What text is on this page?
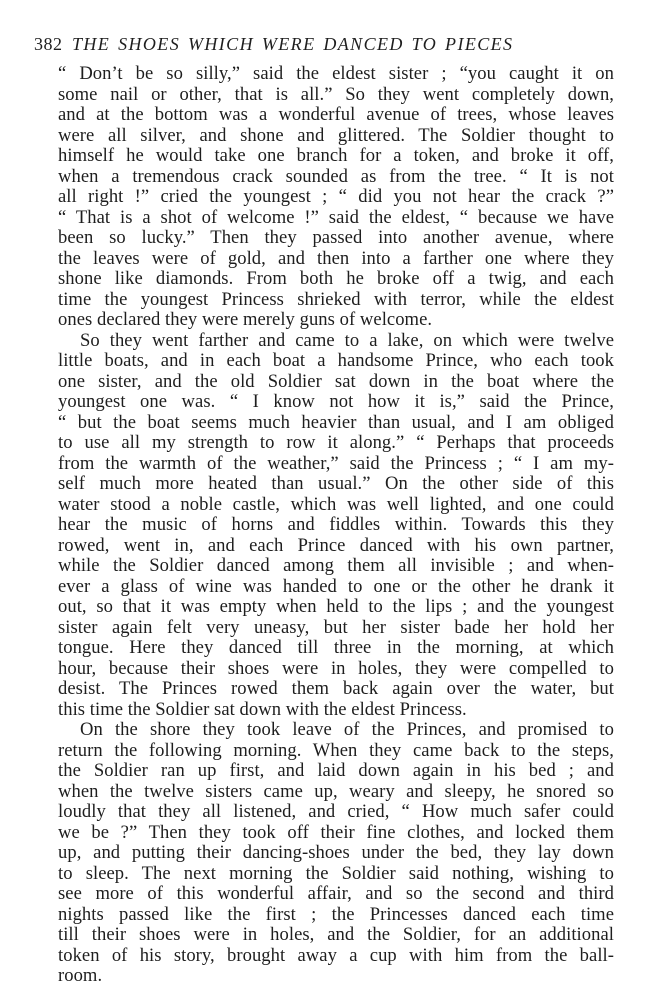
382 THE SHOES WHICH WERE DANCED TO PIECES
“ Don’t be so silly,” said the eldest sister ; “you caught it on
some nail or other, that is all.” So they went completely down,
and at the bottom was a wonderful avenue of trees, whose leaves
were all silver, and shone and glittered. The Soldier thought to
himself he would take one branch for a token, and broke it off,
when a tremendous crack sounded as from the tree. “ It is not
all right !” cried the youngest ; “ did you not hear the crack ?”
“ That is a shot of welcome !” said the eldest, “ because we have
been so lucky.” Then they passed into another avenue, where
the leaves were of gold, and then into a farther one where they
shone like diamonds. From both he broke off a twig, and each
time the youngest Princess shrieked with terror, while the eldest
ones declared they were merely guns of welcome.
So they went farther and came to a lake, on which were twelve
little boats, and in each boat a handsome Prince, who each took
one sister, and the old Soldier sat down in the boat where the
youngest one was. “ I know not how it is,” said the Prince,
“ but the boat seems much heavier than usual, and I am obliged
to use all my strength to row it along.” “ Perhaps that proceeds
from the warmth of the weather,” said the Princess ; “ I am my-
self much more heated than usual.” On the other side of this
water stood a noble castle, which was well lighted, and one could
hear the music of horns and fiddles within. Towards this they
rowed, went in, and each Prince danced with his own partner,
while the Soldier danced among them all invisible ; and when-
ever a glass of wine was handed to one or the other he drank it
out, so that it was empty when held to the lips ; and the youngest
sister again felt very uneasy, but her sister bade her hold her
tongue. Here they danced till three in the morning, at which
hour, because their shoes were in holes, they were compelled to
desist. The Princes rowed them back again over the water, but
this time the Soldier sat down with the eldest Princess.
On the shore they took leave of the Princes, and promised to
return the following morning. When they came back to the steps,
the Soldier ran up first, and laid down again in his bed ; and
when the twelve sisters came up, weary and sleepy, he snored so
loudly that they all listened, and cried, “ How much safer could
we be ?” Then they took off their fine clothes, and locked them
up, and putting their dancing-shoes under the bed, they lay down
to sleep. The next morning the Soldier said nothing, wishing to
see more of this wonderful affair, and so the second and third
nights passed like the first ; the Princesses danced each time
till their shoes were in holes, and the Soldier, for an additional
token of his story, brought away a cup with him from the ball-
room.
